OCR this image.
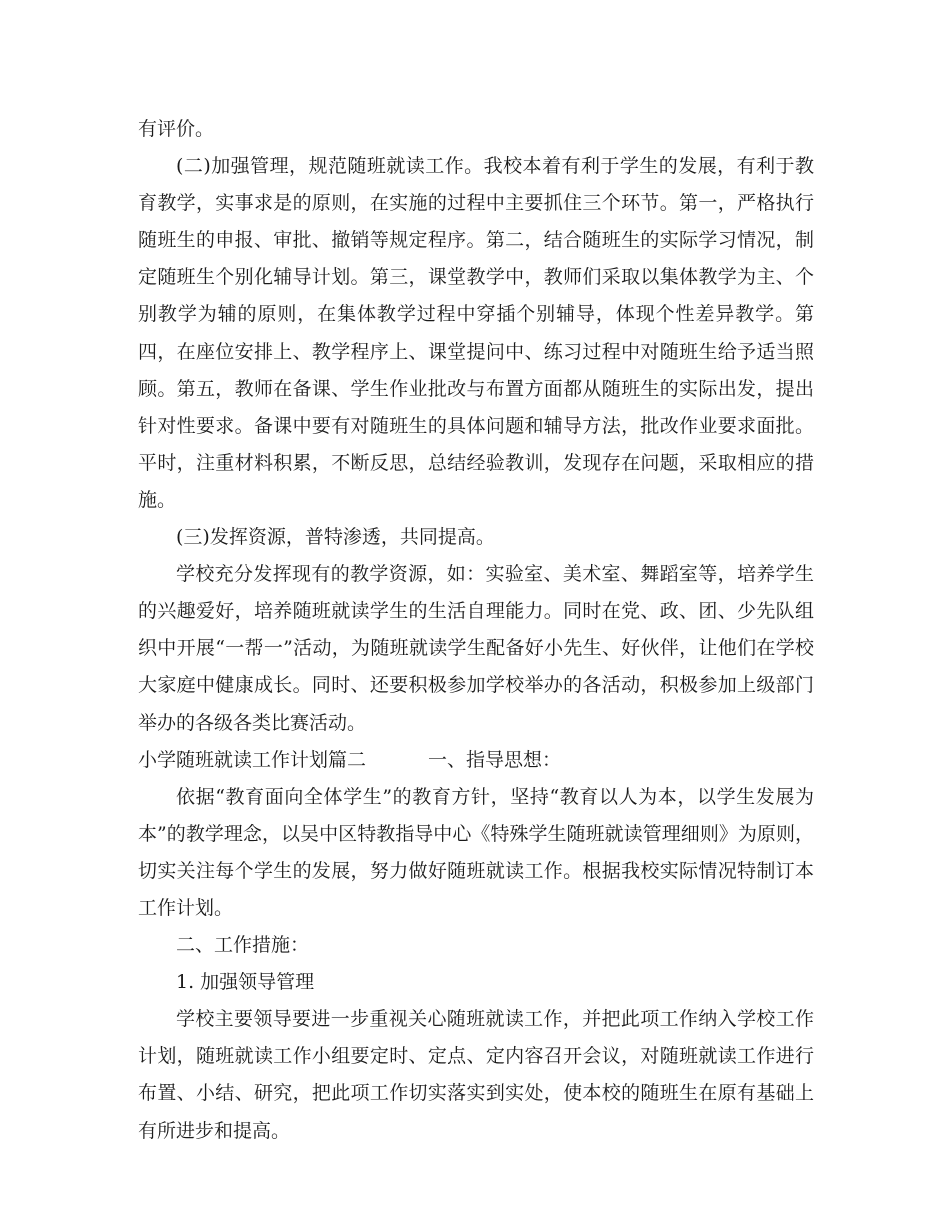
有评价。

(二)加强管理，规范随班就读工作。我校本着有利于学生的发展，有利于教育教学，实事求是的原则，在实施的过程中主要抓住三个环节。第一，严格执行随班生的申报、审批、撤销等规定程序。第二，结合随班生的实际学习情况，制定随班生个别化辅导计划。第三，课堂教学中，教师们采取以集体教学为主、个别教学为辅的原则，在集体教学过程中穿插个别辅导，体现个性差异教学。第四，在座位安排上、教学程序上、课堂提问中、练习过程中对随班生给予适当照顾。第五，教师在备课、学生作业批改与布置方面都从随班生的实际出发，提出针对性要求。备课中要有对随班生的具体问题和辅导方法，批改作业要求面批。平时，注重材料积累，不断反思，总结经验教训，发现存在问题，采取相应的措施。

(三)发挥资源，普特渗透，共同提高。

学校充分发挥现有的教学资源，如：实验室、美术室、舞蹈室等，培养学生的兴趣爱好，培养随班就读学生的生活自理能力。同时在党、政、团、少先队组织中开展“一帮一”活动，为随班就读学生配备好小先生、好伙伴，让他们在学校大家庭中健康成长。同时、还要积极参加学校举办的各活动，积极参加上级部门举办的各级各类比赛活动。

小学随班就读工作计划篇二	一、指导思想：

依据“教育面向全体学生”的教育方针，坚持“教育以人为本，以学生发展为本”的教学理念，以吴中区特教指导中心《特殊学生随班就读管理细则》为原则，切实关注每个学生的发展，努力做好随班就读工作。根据我校实际情况特制订本工作计划。

二、工作措施：

1. 加强领导管理

学校主要领导要进一步重视关心随班就读工作，并把此项工作纳入学校工作计划，随班就读工作小组要定时、定点、定内容召开会议，对随班就读工作进行布置、小结、研究，把此项工作切实落实到实处，使本校的随班生在原有基础上有所进步和提高。
